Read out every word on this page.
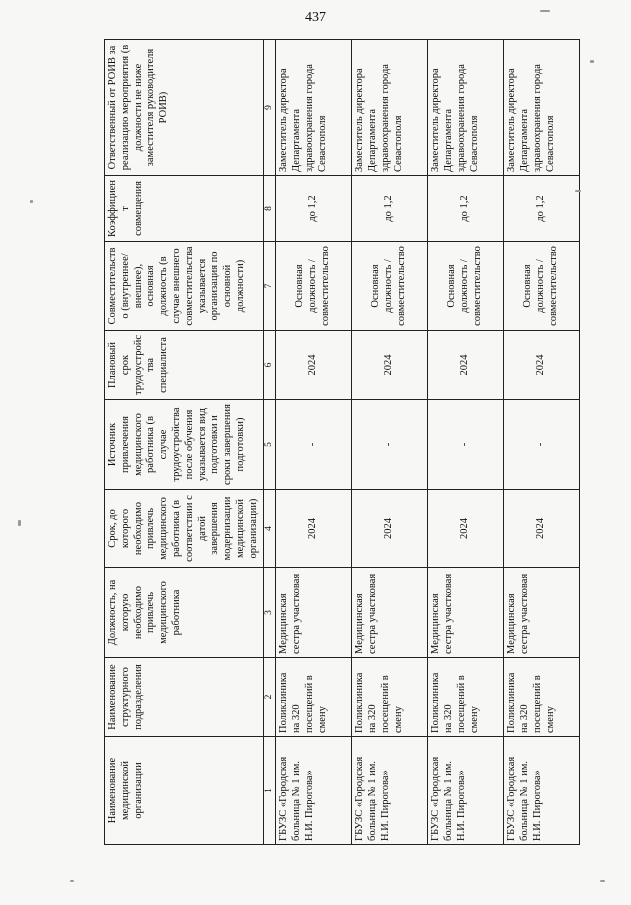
437
Наименование медицинской организации	Наименование структурного подразделения	Должность, на которую необходимо привлечь медицинского работника	Срок, до которого необходимо привлечь медицинского работника (в соответствии с датой завершения модернизации медицинской организации)	Источник привлечения медицинского работника (в случае трудоустройства после обучения указывается вид подготовки и сроки завершения подготовки)	Плановый срок трудоустройства специалиста	Совместительство (внутреннее/внешнее), основная должность (в случае внешнего совместительства указывается организация по основной должности)	Коэффициент совмещения	Ответственный от РОИВ за реализацию мероприятия (в должности не ниже заместителя руководителя РОИВ)
1	2	3	4	5	6	7	8	9
ГБУЗС «Городская больница № 1 им. Н.И. Пирогова»	Поликлиника на 320 посещений в смену	Медицинская сестра участковая	2024	-	2024	Основная должность / совместительство	до 1,2	Заместитель директора Департамента здравоохранения города Севастополя
ГБУЗС «Городская больница № 1 им. Н.И. Пирогова»	Поликлиника на 320 посещений в смену	Медицинская сестра участковая	2024	-	2024	Основная должность / совместительство	до 1,2	Заместитель директора Департамента здравоохранения города Севастополя
ГБУЗС «Городская больница № 1 им. Н.И. Пирогова»	Поликлиника на 320 посещений в смену	Медицинская сестра участковая	2024	-	2024	Основная должность / совместительство	до 1,2	Заместитель директора Департамента здравоохранения города Севастополя
ГБУЗС «Городская больница № 1 им. Н.И. Пирогова»	Поликлиника на 320 посещений в смену	Медицинская сестра участковая	2024	-	2024	Основная должность / совместительство	до 1,2	Заместитель директора Департамента здравоохранения города Севастополя
